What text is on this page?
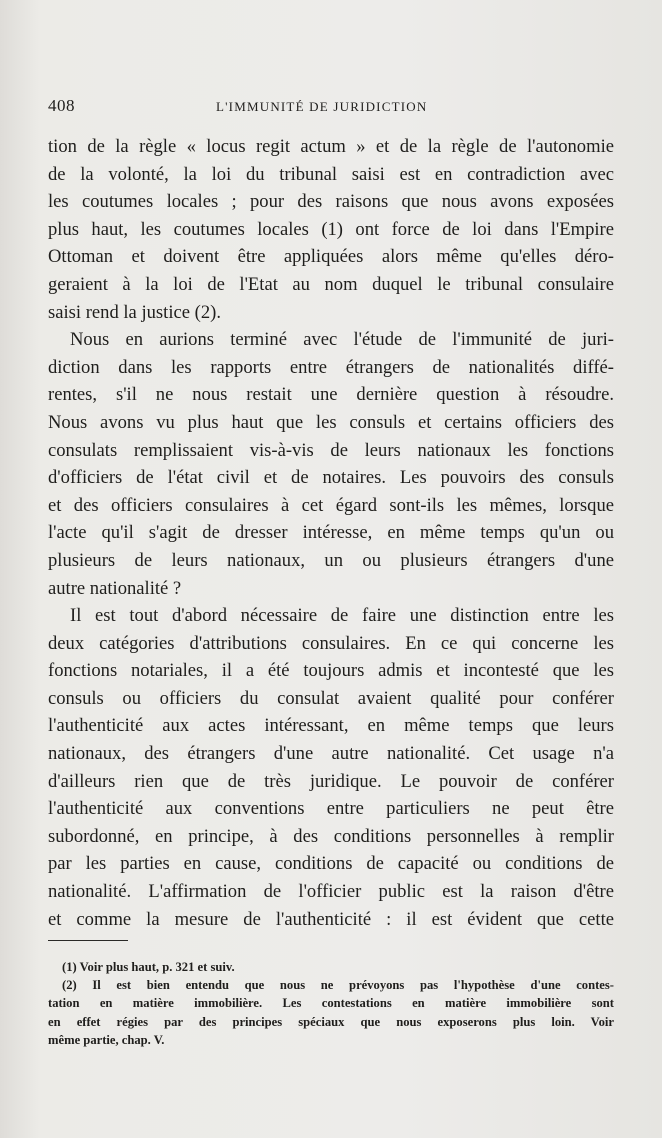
408	L'IMMUNITÉ DE JURIDICTION
tion de la règle « locus regit actum » et de la règle de l'autonomie
de la volonté, la loi du tribunal saisi est en contradiction avec
les coutumes locales ; pour des raisons que nous avons exposées
plus haut, les coutumes locales (1) ont force de loi dans l'Empire
Ottoman et doivent être appliquées alors même qu'elles déro-
geraient à la loi de l'Etat au nom duquel le tribunal consulaire
saisi rend la justice (2).
Nous en aurions terminé avec l'étude de l'immunité de juri-
diction dans les rapports entre étrangers de nationalités diffé-
rentes, s'il ne nous restait une dernière question à résoudre.
Nous avons vu plus haut que les consuls et certains officiers des
consulats remplissaient vis-à-vis de leurs nationaux les fonctions
d'officiers de l'état civil et de notaires. Les pouvoirs des consuls
et des officiers consulaires à cet égard sont-ils les mêmes, lorsque
l'acte qu'il s'agit de dresser intéresse, en même temps qu'un ou
plusieurs de leurs nationaux, un ou plusieurs étrangers d'une
autre nationalité ?
Il est tout d'abord nécessaire de faire une distinction entre les
deux catégories d'attributions consulaires. En ce qui concerne les
fonctions notariales, il a été toujours admis et incontesté que les
consuls ou officiers du consulat avaient qualité pour conférer
l'authenticité aux actes intéressant, en même temps que leurs
nationaux, des étrangers d'une autre nationalité. Cet usage n'a
d'ailleurs rien que de très juridique. Le pouvoir de conférer
l'authenticité aux conventions entre particuliers ne peut être
subordonné, en principe, à des conditions personnelles à remplir
par les parties en cause, conditions de capacité ou conditions de
nationalité. L'affirmation de l'officier public est la raison d'être
et comme la mesure de l'authenticité : il est évident que cette
(1) Voir plus haut, p. 321 et suiv.
(2) Il est bien entendu que nous ne prévoyons pas l'hypothèse d'une contes-
tation en matière immobilière. Les contestations en matière immobilière sont
en effet régies par des principes spéciaux que nous exposerons plus loin. Voir
même partie, chap. V.
